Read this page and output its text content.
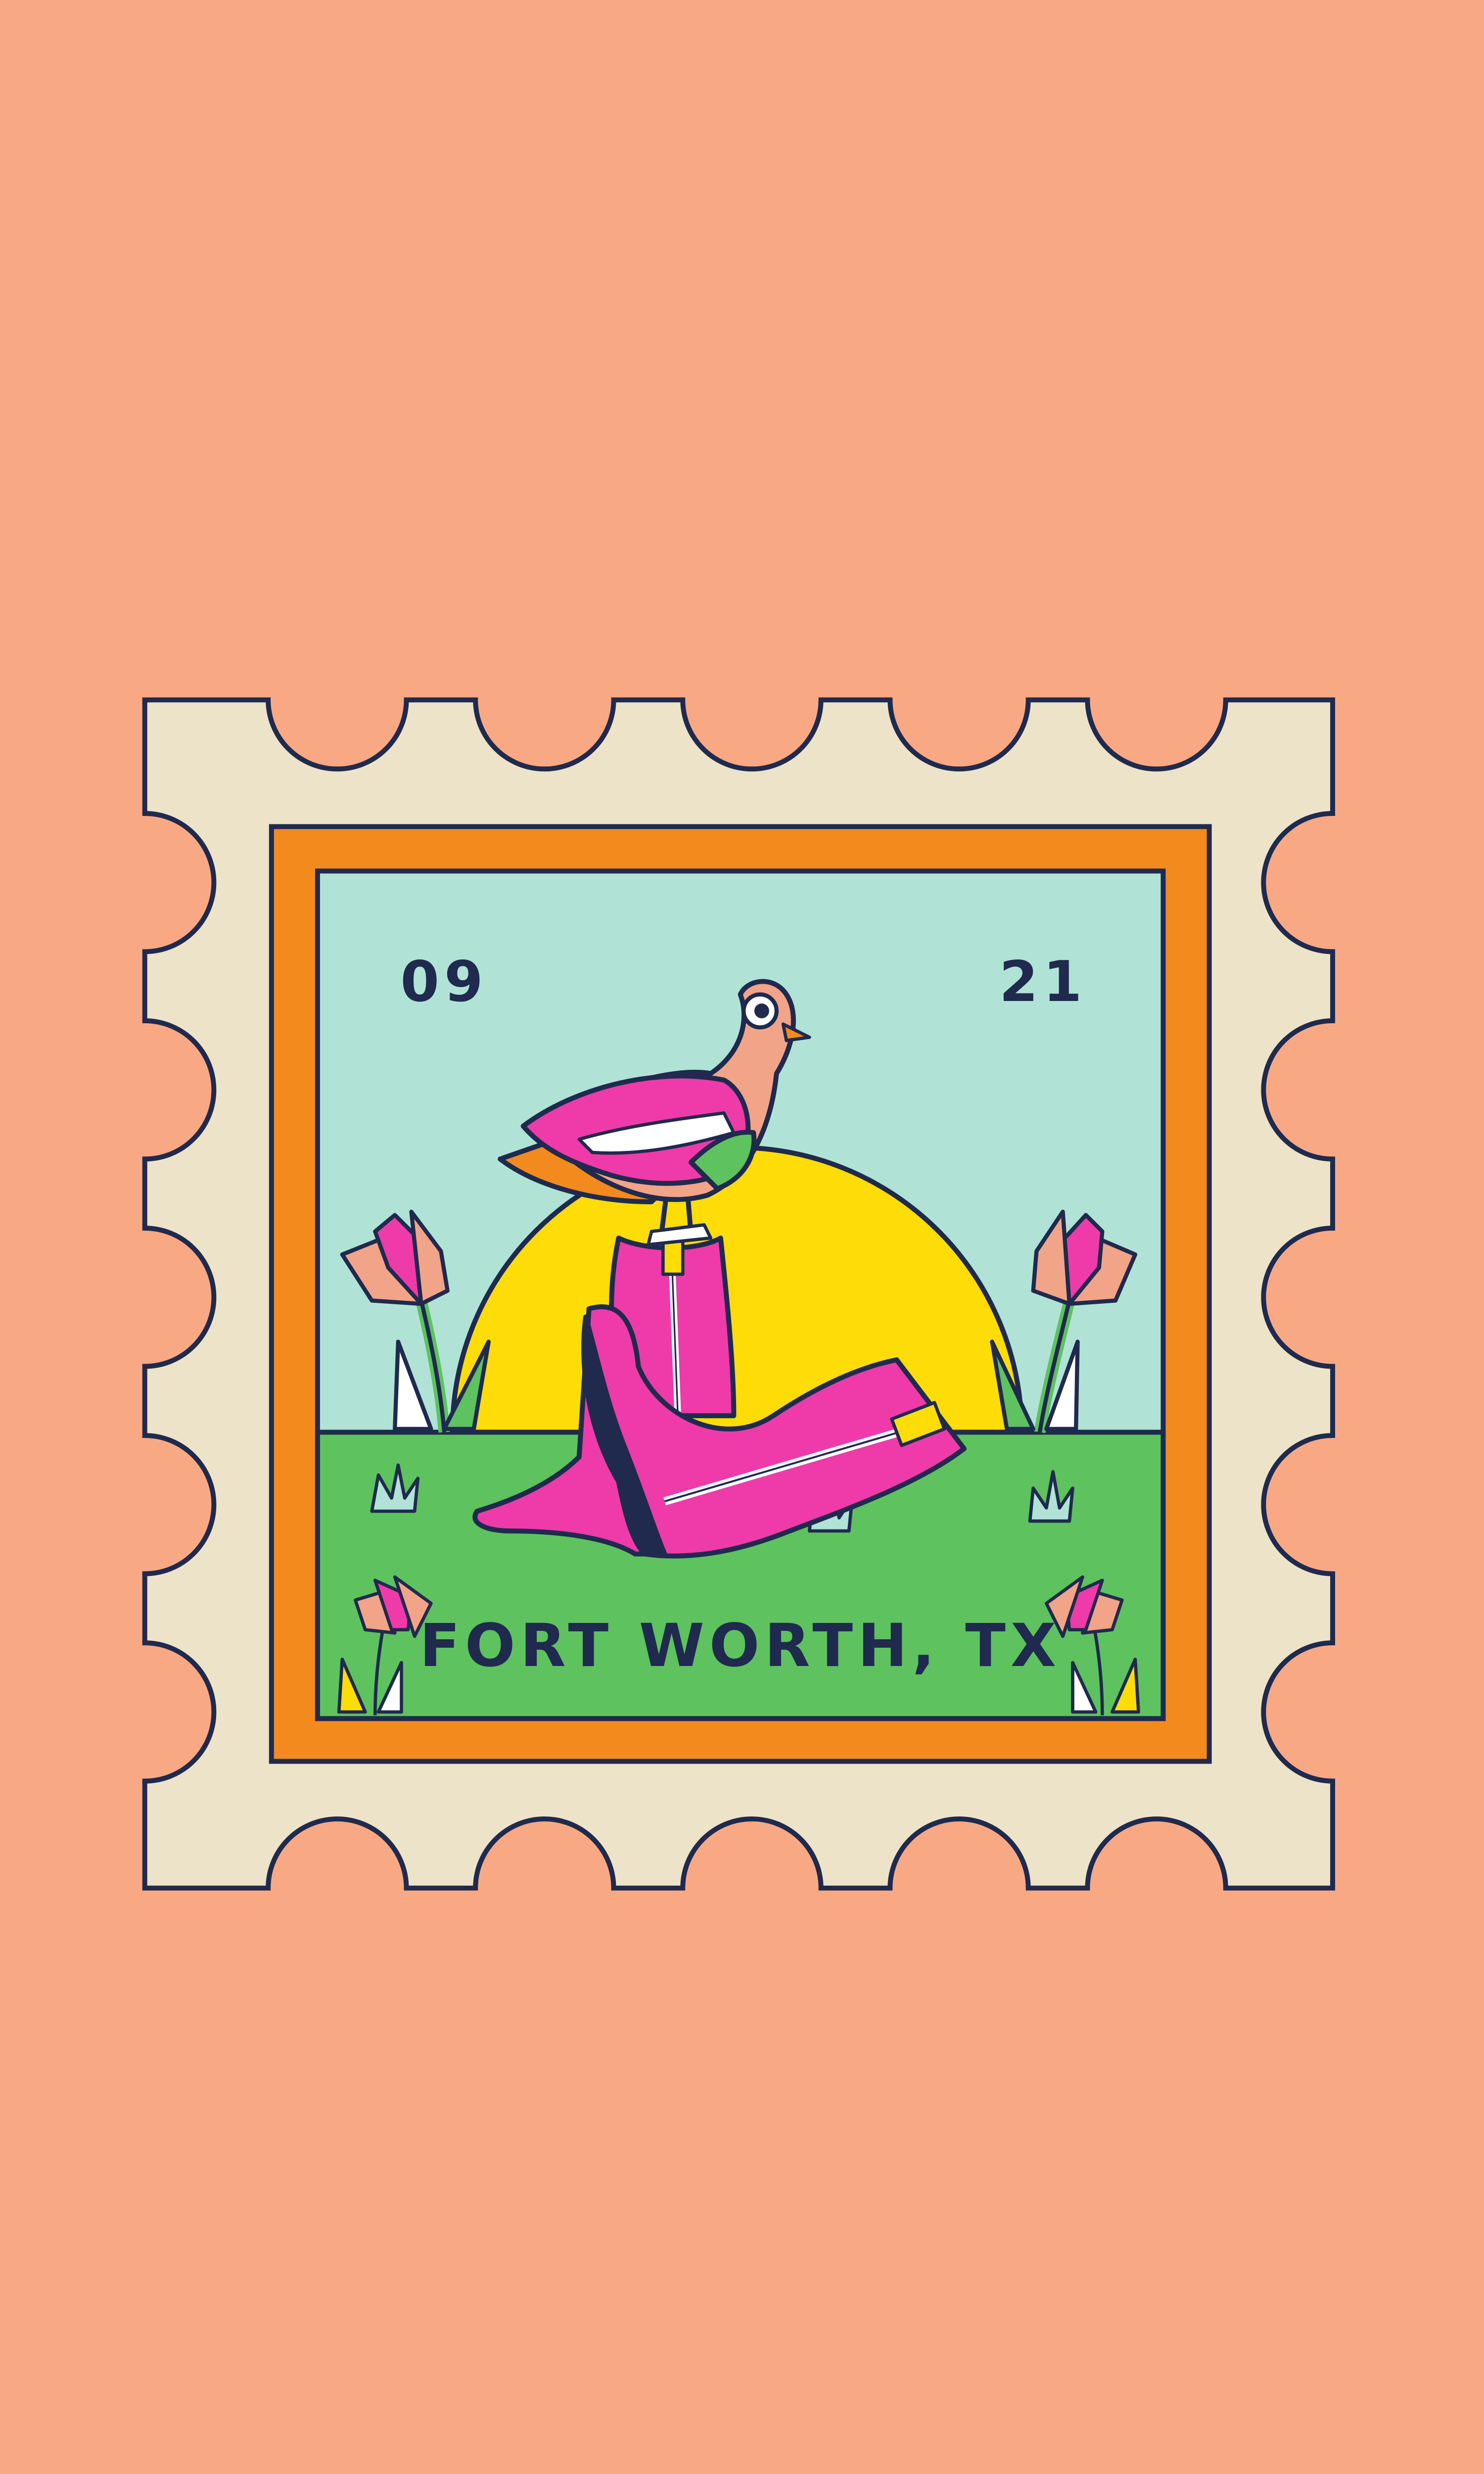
09	21
FORT WORTH, TX
